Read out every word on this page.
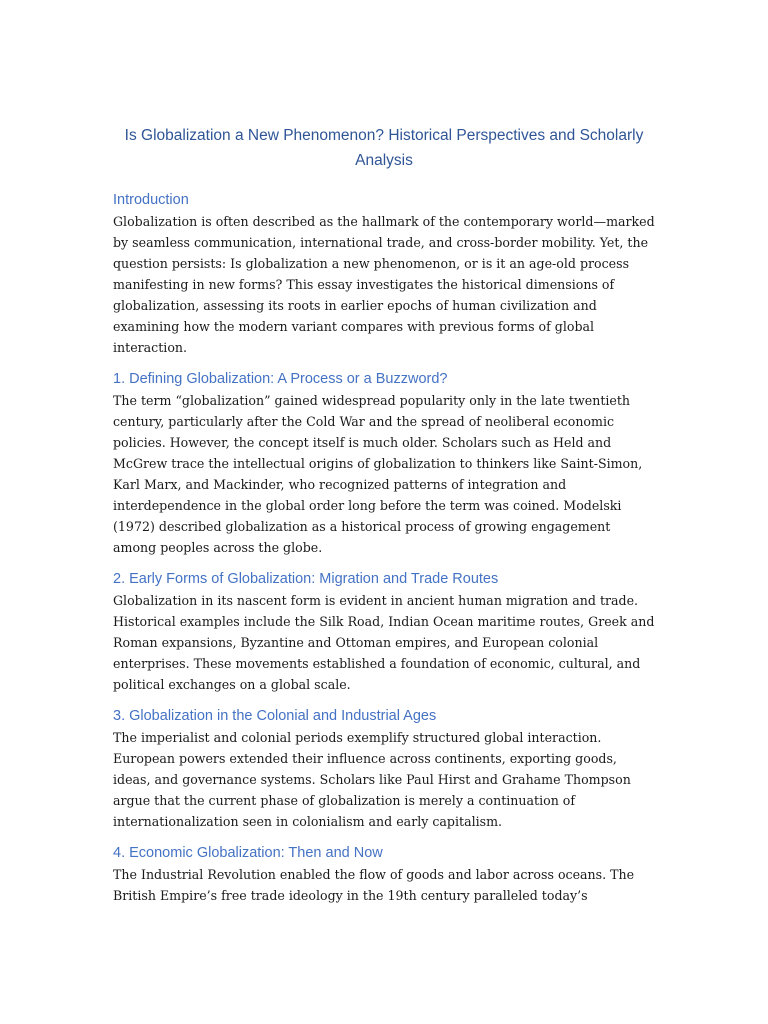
Is Globalization a New Phenomenon? Historical Perspectives and Scholarly Analysis
Introduction

Globalization is often described as the hallmark of the contemporary world—marked by seamless communication, international trade, and cross-border mobility. Yet, the question persists: Is globalization a new phenomenon, or is it an age-old process manifesting in new forms? This essay investigates the historical dimensions of globalization, assessing its roots in earlier epochs of human civilization and examining how the modern variant compares with previous forms of global interaction.

1. Defining Globalization: A Process or a Buzzword?

The term “globalization” gained widespread popularity only in the late twentieth century, particularly after the Cold War and the spread of neoliberal economic policies. However, the concept itself is much older. Scholars such as Held and McGrew trace the intellectual origins of globalization to thinkers like Saint-Simon, Karl Marx, and Mackinder, who recognized patterns of integration and interdependence in the global order long before the term was coined. Modelski (1972) described globalization as a historical process of growing engagement among peoples across the globe.

2. Early Forms of Globalization: Migration and Trade Routes

Globalization in its nascent form is evident in ancient human migration and trade. Historical examples include the Silk Road, Indian Ocean maritime routes, Greek and Roman expansions, Byzantine and Ottoman empires, and European colonial enterprises. These movements established a foundation of economic, cultural, and political exchanges on a global scale.

3. Globalization in the Colonial and Industrial Ages

The imperialist and colonial periods exemplify structured global interaction. European powers extended their influence across continents, exporting goods, ideas, and governance systems. Scholars like Paul Hirst and Grahame Thompson argue that the current phase of globalization is merely a continuation of internationalization seen in colonialism and early capitalism.

4. Economic Globalization: Then and Now

The Industrial Revolution enabled the flow of goods and labor across oceans. The British Empire’s free trade ideology in the 19th century paralleled today’s
